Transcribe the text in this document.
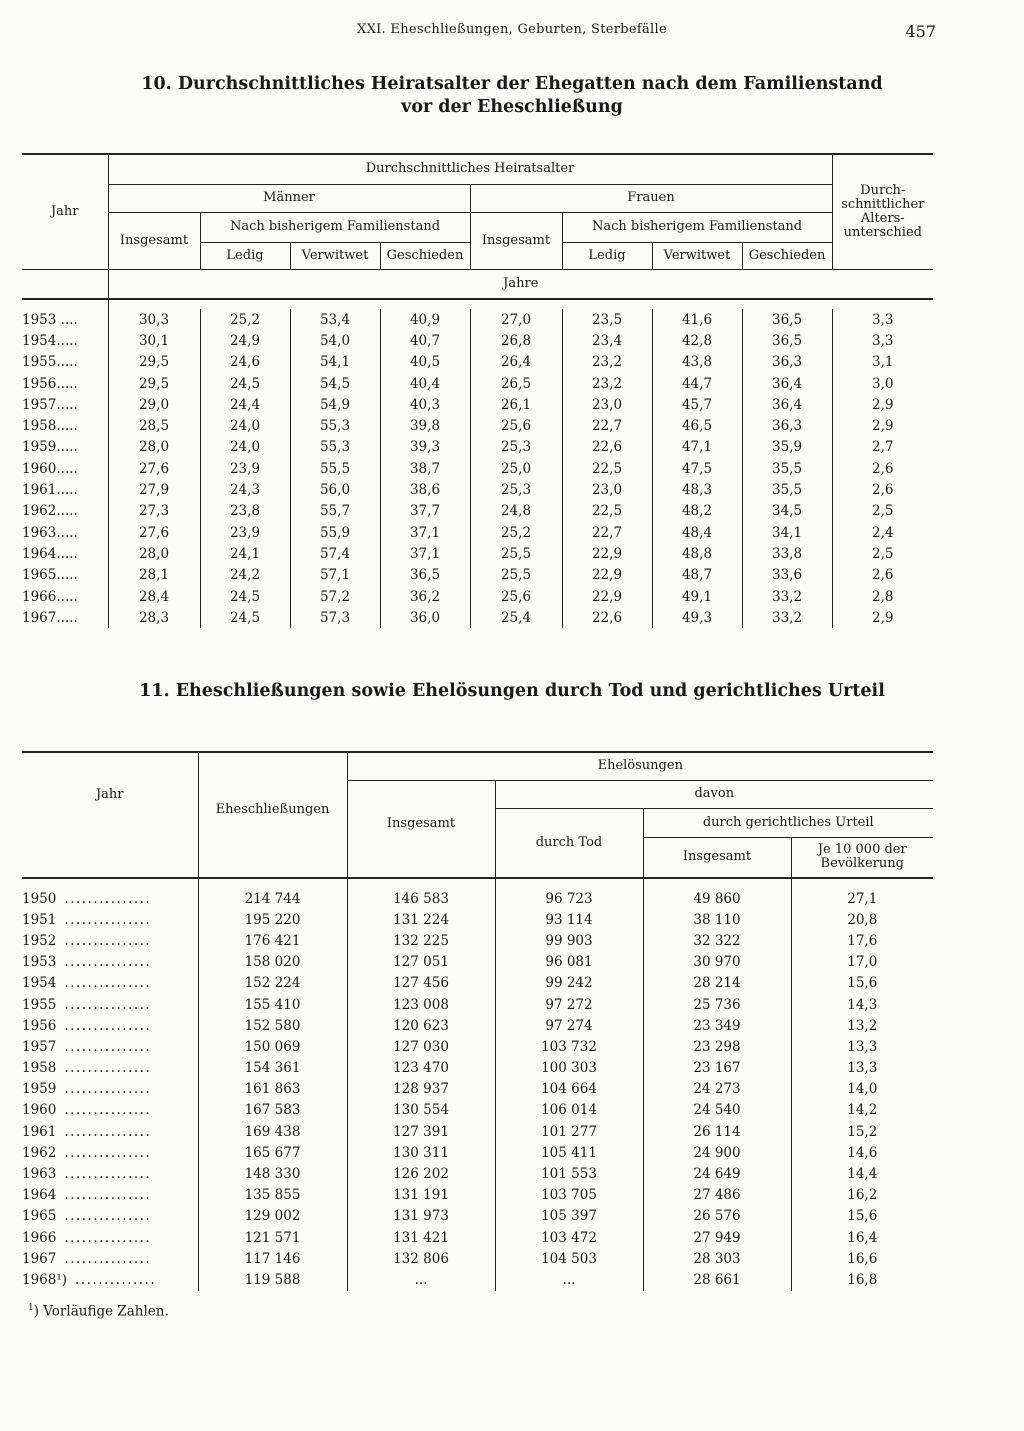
XXI. Eheschließungen, Geburten, Sterbefälle	457
10. Durchschnittliches Heiratsalter der Ehegatten nach dem Familienstand
vor der Eheschließung
Jahr	Durchschnittliches Heiratsalter								Durch-schnittlicher Alters-unterschied
	Männer				Frauen				
	Insgesamt	Nach bisherigem Familienstand			Insgesamt	Nach bisherigem Familienstand			
		Ledig	Verwitwet	Geschieden		Ledig	Verwitwet	Geschieden	
	Jahre								

1953 ....	30,3	25,2	53,4	40,9	27,0	23,5	41,6	36,5	3,3
1954.....	30,1	24,9	54,0	40,7	26,8	23,4	42,8	36,5	3,3
1955.....	29,5	24,6	54,1	40,5	26,4	23,2	43,8	36,3	3,1
1956.....	29,5	24,5	54,5	40,4	26,5	23,2	44,7	36,4	3,0
1957.....	29,0	24,4	54,9	40,3	26,1	23,0	45,7	36,4	2,9
1958.....	28,5	24,0	55,3	39,8	25,6	22,7	46,5	36,3	2,9
1959.....	28,0	24,0	55,3	39,3	25,3	22,6	47,1	35,9	2,7
1960.....	27,6	23,9	55,5	38,7	25,0	22,5	47,5	35,5	2,6
1961.....	27,9	24,3	56,0	38,6	25,3	23,0	48,3	35,5	2,6
1962.....	27,3	23,8	55,7	37,7	24,8	22,5	48,2	34,5	2,5
1963.....	27,6	23,9	55,9	37,1	25,2	22,7	48,4	34,1	2,4
1964.....	28,0	24,1	57,4	37,1	25,5	22,9	48,8	33,8	2,5
1965.....	28,1	24,2	57,1	36,5	25,5	22,9	48,7	33,6	2,6
1966.....	28,4	24,5	57,2	36,2	25,6	22,9	49,1	33,2	2,8
1967.....	28,3	24,5	57,3	36,0	25,4	22,6	49,3	33,2	2,9
11. Eheschließungen sowie Ehelösungen durch Tod und gerichtliches Urteil
Jahr	Eheschließungen	Ehelösungen			
		Insgesamt	davon		
			durch Tod	durch gerichtliches Urteil	
				Insgesamt	Je 10 000 der
Bevölkerung

1950 ...............	214 744	146 583	96 723	49 860	27,1
1951 ...............	195 220	131 224	93 114	38 110	20,8
1952 ...............	176 421	132 225	99 903	32 322	17,6
1953 ...............	158 020	127 051	96 081	30 970	17,0
1954 ...............	152 224	127 456	99 242	28 214	15,6
1955 ...............	155 410	123 008	97 272	25 736	14,3
1956 ...............	152 580	120 623	97 274	23 349	13,2
1957 ...............	150 069	127 030	103 732	23 298	13,3
1958 ...............	154 361	123 470	100 303	23 167	13,3
1959 ...............	161 863	128 937	104 664	24 273	14,0
1960 ...............	167 583	130 554	106 014	24 540	14,2
1961 ...............	169 438	127 391	101 277	26 114	15,2
1962 ...............	165 677	130 311	105 411	24 900	14,6
1963 ...............	148 330	126 202	101 553	24 649	14,4
1964 ...............	135 855	131 191	103 705	27 486	16,2
1965 ...............	129 002	131 973	105 397	26 576	15,6
1966 ...............	121 571	131 421	103 472	27 949	16,4
1967 ...............	117 146	132 806	104 503	28 303	16,6
1968¹) ..............	119 588	...	...	28 661	16,8
$^1$) Vorläufige Zahlen.
